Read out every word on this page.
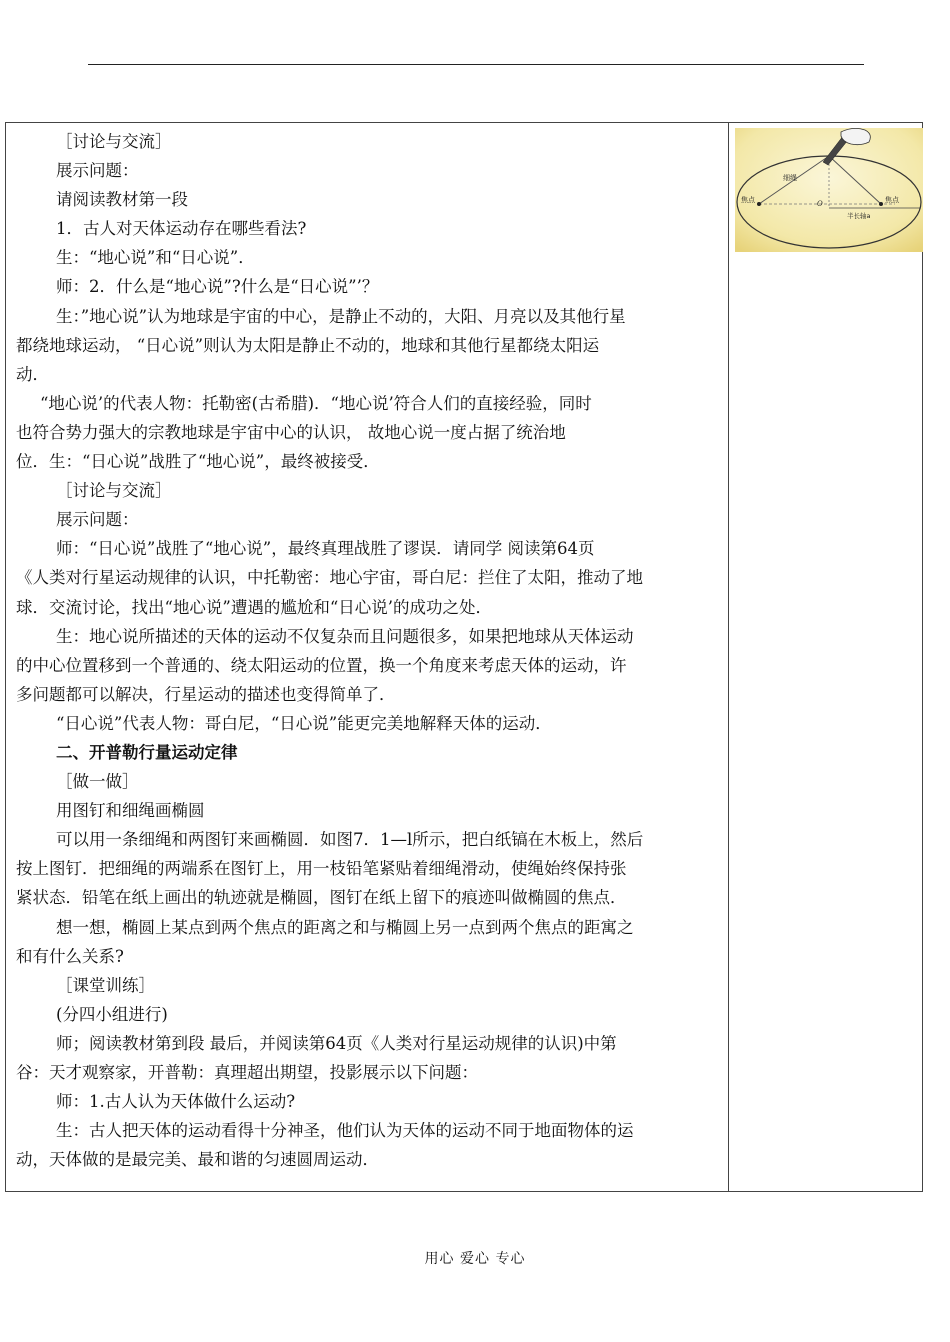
［讨论与交流］
展示问题：
请阅读教材第一段
1．古人对天体运动存在哪些看法?
生：“地心说”和“日心说”．
师：2．什么是“地心说”?什么是“日心说”’？
生：”地心说”认为地球是宇宙的中心，是静止不动的，大阳、月亮以及其他行星
都绕地球运动， “日心说”则认为太阳是静止不动的，地球和其他行星都绕太阳运
动．
“地心说’的代表人物：托勒密(古希腊)．“地心说’符合人们的直接经验，同时
也符合势力强大的宗教地球是宇宙中心的认识， 故地心说一度占据了统治地
位．生：“日心说”战胜了“地心说”，最终被接受．
［讨论与交流］
展示问题：
师：“日心说”战胜了“地心说”，最终真理战胜了谬误．请同学 阅读第64页
《人类对行星运动规律的认识，中托勒密：地心宇宙，哥白尼：拦住了太阳，推动了地
球．交流讨论，找出“地心说”遭遇的尴尬和“日心说’的成功之处．
生：地心说所描述的天体的运动不仅复杂而且问题很多，如果把地球从天体运动
的中心位置移到一个普通的、绕太阳运动的位置，换一个角度来考虑天体的运动，许
多问题都可以解决，行星运动的描述也变得简单了．
“日心说”代表人物：哥白尼，“日心说”能更完美地解释天体的运动．
二、开普勒行量运动定律
［做一做］
用图钉和细绳画椭圆
可以用一条细绳和两图钉来画椭圆．如图7．1—l所示，把白纸镐在木板上，然后
按上图钉．把细绳的两端系在图钉上，用一枝铅笔紧贴着细绳滑动，使绳始终保持张
紧状态．铅笔在纸上画出的轨迹就是椭圆，图钉在纸上留下的痕迹叫做椭圆的焦点．
想一想，椭圆上某点到两个焦点的距离之和与椭圆上另一点到两个焦点的距寓之
和有什么关系?
［课堂训练］
(分四小组进行)
师；阅读教材第到段 最后，并阅读第64页《人类对行星运动规律的认识)中第
谷：天才观察家，开普勒：真理超出期望，投影展示以下问题：
师：1.古人认为天体做什么运动?
生：古人把天体的运动看得十分神圣，他们认为天体的运动不同于地面物体的运
动，天体做的是最完美、最和谐的匀速圆周运动．
细绳
焦点	焦点
O
半长轴a
用心 爱心 专心
